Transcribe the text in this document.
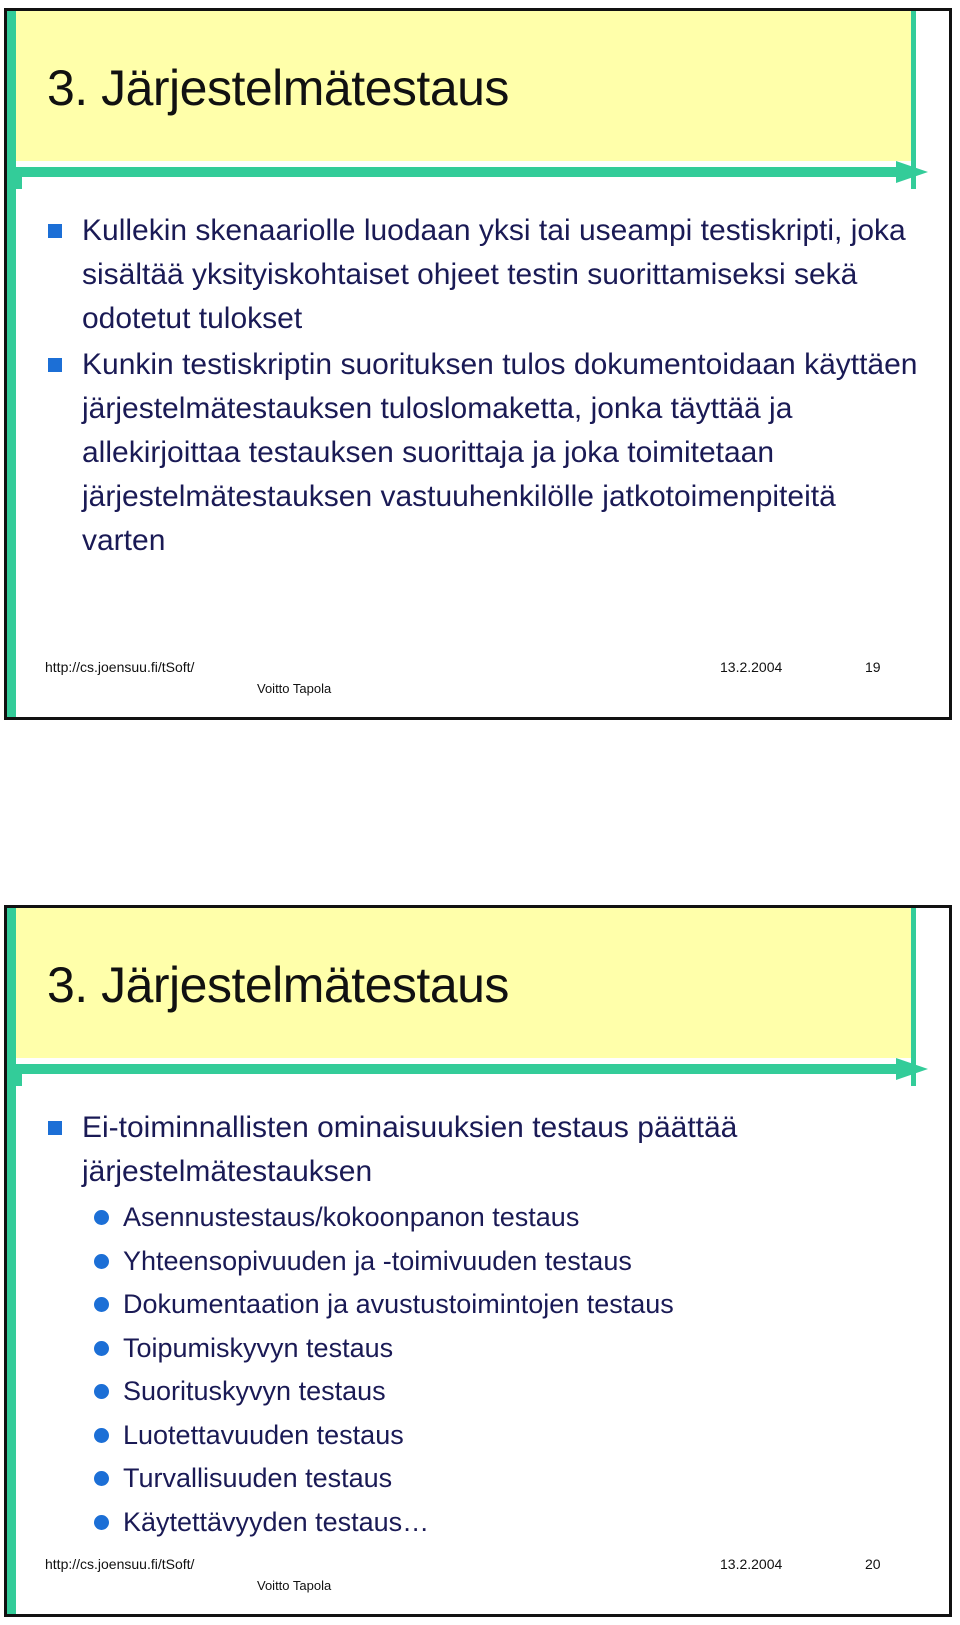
3. Järjestelmätestaus
Kullekin skenaariolle luodaan yksi tai useampi testiskripti, joka sisältää yksityiskohtaiset ohjeet testin suorittamiseksi sekä odotetut tulokset
Kunkin testiskriptin suorituksen tulos dokumentoidaan käyttäen järjestelmätestauksen tuloslomaketta, jonka täyttää ja allekirjoittaa testauksen suorittaja ja joka toimitetaan järjestelmätestauksen vastuuhenkilölle jatkotoimenpiteitä varten
http://cs.joensuu.fi/tSoft/	13.2.2004	19
Voitto Tapola
3. Järjestelmätestaus
Ei-toiminnallisten ominaisuuksien testaus päättää järjestelmätestauksen
Asennustestaus/kokoonpanon testaus
Yhteensopivuuden ja -toimivuuden testaus
Dokumentaation ja avustustoimintojen testaus
Toipumiskyvyn testaus
Suorituskyvyn testaus
Luotettavuuden testaus
Turvallisuuden testaus
Käytettävyyden testaus…
http://cs.joensuu.fi/tSoft/	13.2.2004	20
Voitto Tapola
